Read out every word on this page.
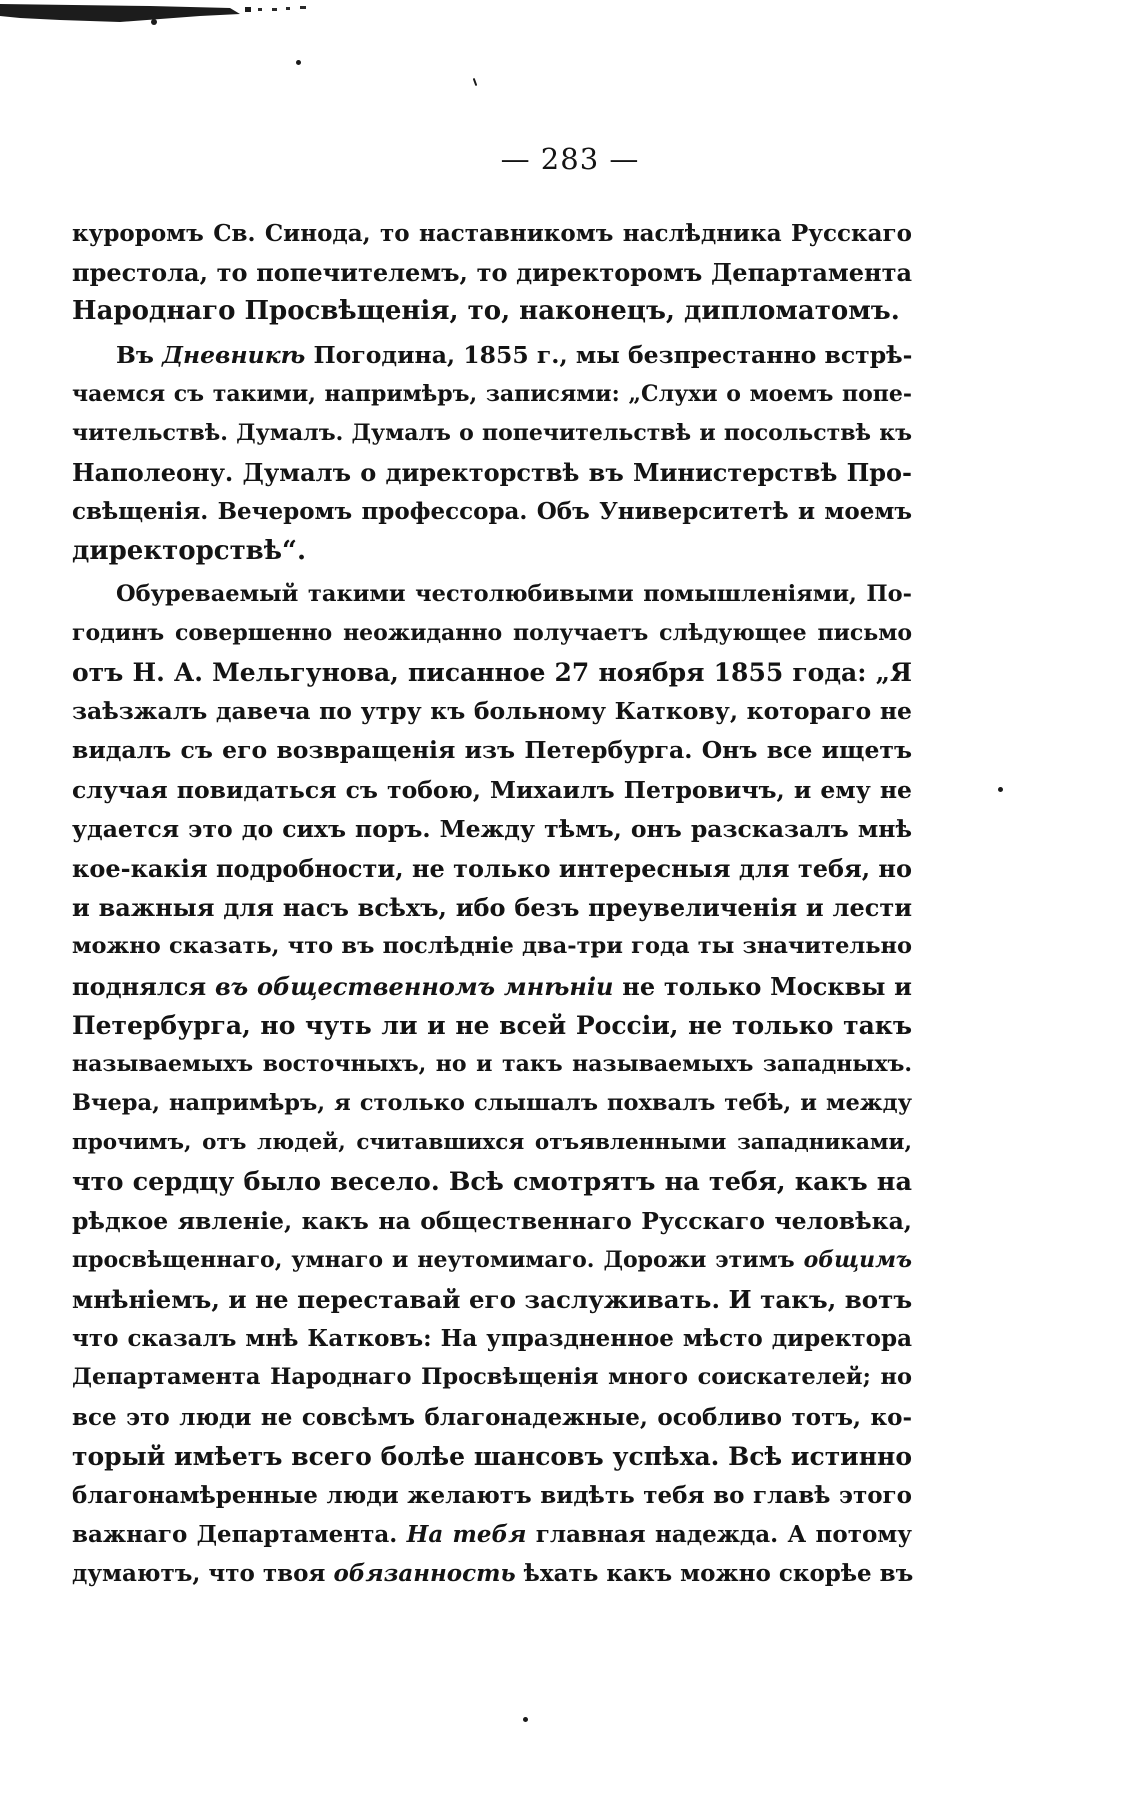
— 283 —
куроромъ Св. Синода, то наставникомъ наслѣдника Русскаго
престола, то попечителемъ, то директоромъ Департамента
Народнаго Просвѣщенія, то, наконецъ, дипломатомъ.
Въ Дневникѣ Погодина, 1855 г., мы безпрестанно встрѣ-
чаемся съ такими, напримѣръ, записями: „Слухи о моемъ попе-
чительствѣ. Думалъ. Думалъ о попечительствѣ и посольствѣ къ
Наполеону. Думалъ о директорствѣ въ Министерствѣ Про-
свѣщенія. Вечеромъ профессора. Объ Университетѣ и моемъ
директорствѣ“.
Обуреваемый такими честолюбивыми помышленіями, По-
годинъ совершенно неожиданно получаетъ слѣдующее письмо
отъ Н. А. Мельгунова, писанное 27 ноября 1855 года: „Я
заѣзжалъ давеча по утру къ больному Каткову, котораго не
видалъ съ его возвращенія изъ Петербурга. Онъ все ищетъ
случая повидаться съ тобою, Михаилъ Петровичъ, и ему не
удается это до сихъ поръ. Между тѣмъ, онъ разсказалъ мнѣ
кое-какія подробности, не только интересныя для тебя, но
и важныя для насъ всѣхъ, ибо безъ преувеличенія и лести
можно сказать, что въ послѣдніе два-три года ты значительно
поднялся въ общественномъ мнѣніи не только Москвы и
Петербурга, но чуть ли и не всей Россіи, не только такъ
называемыхъ восточныхъ, но и такъ называемыхъ западныхъ.
Вчера, напримѣръ, я столько слышалъ похвалъ тебѣ, и между
прочимъ, отъ людей, считавшихся отъявленными западниками,
что сердцу было весело. Всѣ смотрятъ на тебя, какъ на
рѣдкое явленіе, какъ на общественнаго Русскаго человѣка,
просвѣщеннаго, умнаго и неутомимаго. Дорожи этимъ общимъ
мнѣніемъ, и не переставай его заслуживать. И такъ, вотъ
что сказалъ мнѣ Катковъ: На упраздненное мѣсто директора
Департамента Народнаго Просвѣщенія много соискателей; но
все это люди не совсѣмъ благонадежные, особливо тотъ, ко-
торый имѣетъ всего болѣе шансовъ успѣха. Всѣ истинно
благонамѣренные люди желаютъ видѣть тебя во главѣ этого
важнаго Департамента. На тебя главная надежда. А потому
думаютъ, что твоя обязанность ѣхать какъ можно скорѣе въ
